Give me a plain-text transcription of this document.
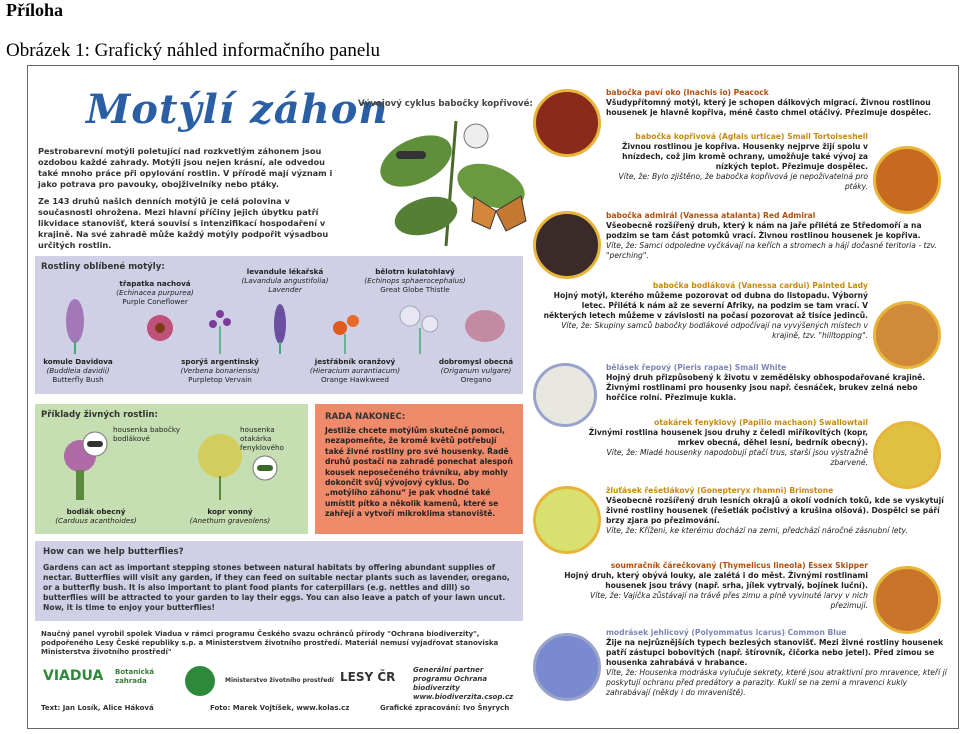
Příloha
Obrázek 1: Grafický náhled informačního panelu
Motýlí záhon

Pestrobarevní motýli poletující nad rozkvetlým záhonem jsou ozdobou každé zahrady. Motýli jsou nejen krásní, ale odvedou také mnoho práce při opylování rostlin. V přírodě mají význam i jako potrava pro pavouky, obojživelníky nebo ptáky.

Ze 143 druhů našich denních motýlů je celá polovina v současnosti ohrožena. Mezi hlavní příčiny jejich úbytku patří likvidace stanovišť, která souvisí s intenzifikací hospodaření v krajině. Na své zahradě může každý motýly podpořit výsadbou určitých rostlin.

Vývojový cyklus babočky kopřivové:
Rostliny oblíbené motýly:
třapatka nachová
(Echinacea purpurea)
Purple Coneflower
levandule lékařská
(Lavandula angustifolia)
Lavender
bělotrn kulatohlavý
(Echinops sphaerocephalus)
Great Globe Thistle
komule Davidova
(Buddleia davidii)
Butterfly Bush
sporýš argentinský
(Verbena bonariensis)
Purpletop Vervain
jestřábník oranžový
(Hieracium aurantiacum)
Orange Hawkweed
dobromysl obecná
(Origanum vulgare)
Oregano
Příklady živných rostlin:
housenka babočky bodlákové
housenka otakárka fenyklového
bodlák obecný
(Carduus acanthoides)
kopr vonný
(Anethum graveolens)
RADA NAKONEC:
Jestliže chcete motýlům skutečně pomoci, nezapomeňte, že kromě květů potřebují také živné rostliny pro své housenky. Řadě druhů postačí na zahradě ponechat alespoň kousek neposečeného trávníku, aby mohly dokončit svůj vývojový cyklus. Do „motýlího záhonu“ je pak vhodné také umístit pítko a několik kamenů, které se zahřejí a vytvoří mikroklima stanoviště.
How can we help butterflies?
Gardens can act as important stepping stones between natural habitats by offering abundant supplies of nectar. Butterflies will visit any garden, if they can feed on suitable nectar plants such as lavender, oregano, or a butterfly bush. It is also important to plant food plants for caterpillars (e.g. nettles and dill) so butterflies will be attracted to your garden to lay their eggs. You can also leave a patch of your lawn uncut. Now, it is time to enjoy your butterflies!
Naučný panel vyrobil spolek Viadua v rámci programu Českého svazu ochránců přírody "Ochrana biodiverzity", podpořeného Lesy České republiky s.p. a Ministerstvem životního prostředí. Materiál nemusí vyjadřovat stanoviska Ministerstva životního prostředí"
VIADUA Botanická zahrada	Ministerstvo životního prostředí LESY ČR	Generální partner programu Ochrana biodiverzity www.biodiverzita.csop.cz
Text: Jan Losík, Alice Háková	Foto: Marek Vojtíšek, www.kolas.cz	Grafické zpracování: Ivo Šnyrych
babočka paví oko (Inachis io) Peacock
Všudypřítomný motýl, který je schopen dálkových migrací. Živnou rostlinou housenek je hlavně kopřiva, méně často chmel otáčivý. Přezimuje dospělec.
babočka kopřivová (Aglais urticae) Small Tortoiseshell
Živnou rostlinou je kopřiva. Housenky nejprve žijí spolu v hnízdech, což jim kromě ochrany, umožňuje také vývoj za nízkých teplot. Přezimuje dospělec.
Víte, že: Bylo zjištěno, že babočka kopřivová je nepoživatelná pro ptáky.
babočka admirál (Vanessa atalanta) Red Admiral
Všeobecně rozšířený druh, který k nám na jaře přilétá ze Středomoří a na podzim se tam část potomků vrací. Živnou rostlinou housenek je kopřiva.
Víte, že: Samci odpoledne vyčkávají na keřích a stromech a hájí dočasné teritoria - tzv. "perching".
babočka bodláková (Vanessa cardui) Painted Lady
Hojný motýl, kterého můžeme pozorovat od dubna do listopadu. Výborný letec. Přilétá k nám až ze severní Afriky, na podzim se tam vrací. V některých letech můžeme v závislosti na počasí pozorovat až tisíce jedinců.
Víte, že: Skupiny samců babočky bodlákové odpočívají na vyvýšených místech v krajině, tzv. "hilltopping".
bělásek řepový (Pieris rapae) Small White
Hojný druh přizpůsobený k životu v zemědělsky obhospodařované krajině. Živnými rostlinami pro housenky jsou např. česnáček, brukev zelná nebo hořčice rolní. Přezimuje kukla.
otakárek fenyklový (Papilio machaon) Swallowtail
Živnými rostlina housenek jsou druhy z čeledi miříkovitých (kopr, mrkev obecná, děhel lesní, bedrník obecný).
Víte, že: Mladé housenky napodobují ptačí trus, starší jsou výstražně zbarvené.
žluťásek řešetlákový (Gonepteryx rhamni) Brimstone
Všeobecně rozšířený druh lesních okrajů a okolí vodních toků, kde se vyskytují živné rostliny housenek (řešetlák počistivý a krušina olšová). Dospělci se páří brzy zjara po přezimování.
Víte, že: Kříženi, ke kterému dochází na zemi, předchází náročné zásnubní lety.
soumračník čárečkovaný (Thymelicus lineola) Essex Skipper
Hojný druh, který obývá louky, ale zalétá i do měst. Živnými rostlinami housenek jsou trávy (např. srha, jílek vytrvalý, bojínek luční).
Víte, že: Vajíčka zůstávají na trávě přes zimu a plně vyvinuté larvy v nich přezimují.
modrásek jehlicový (Polyommatus icarus) Common Blue
Žije na nejrůznějších typech bezlesých stanovišť. Mezi živné rostliny housenek patří zástupci bobovitých (např. štírovník, čičorka nebo jetel). Před zimou se housenka zahrabává v hrabance.
Víte, že: Housenka modráska vylučuje sekrety, které jsou atraktivní pro mravence, kteří jí poskytují ochranu před predátory a parazity. Kuklí se na zemi a mravenci kukly zahrabávají (někdy i do mraveniště).
